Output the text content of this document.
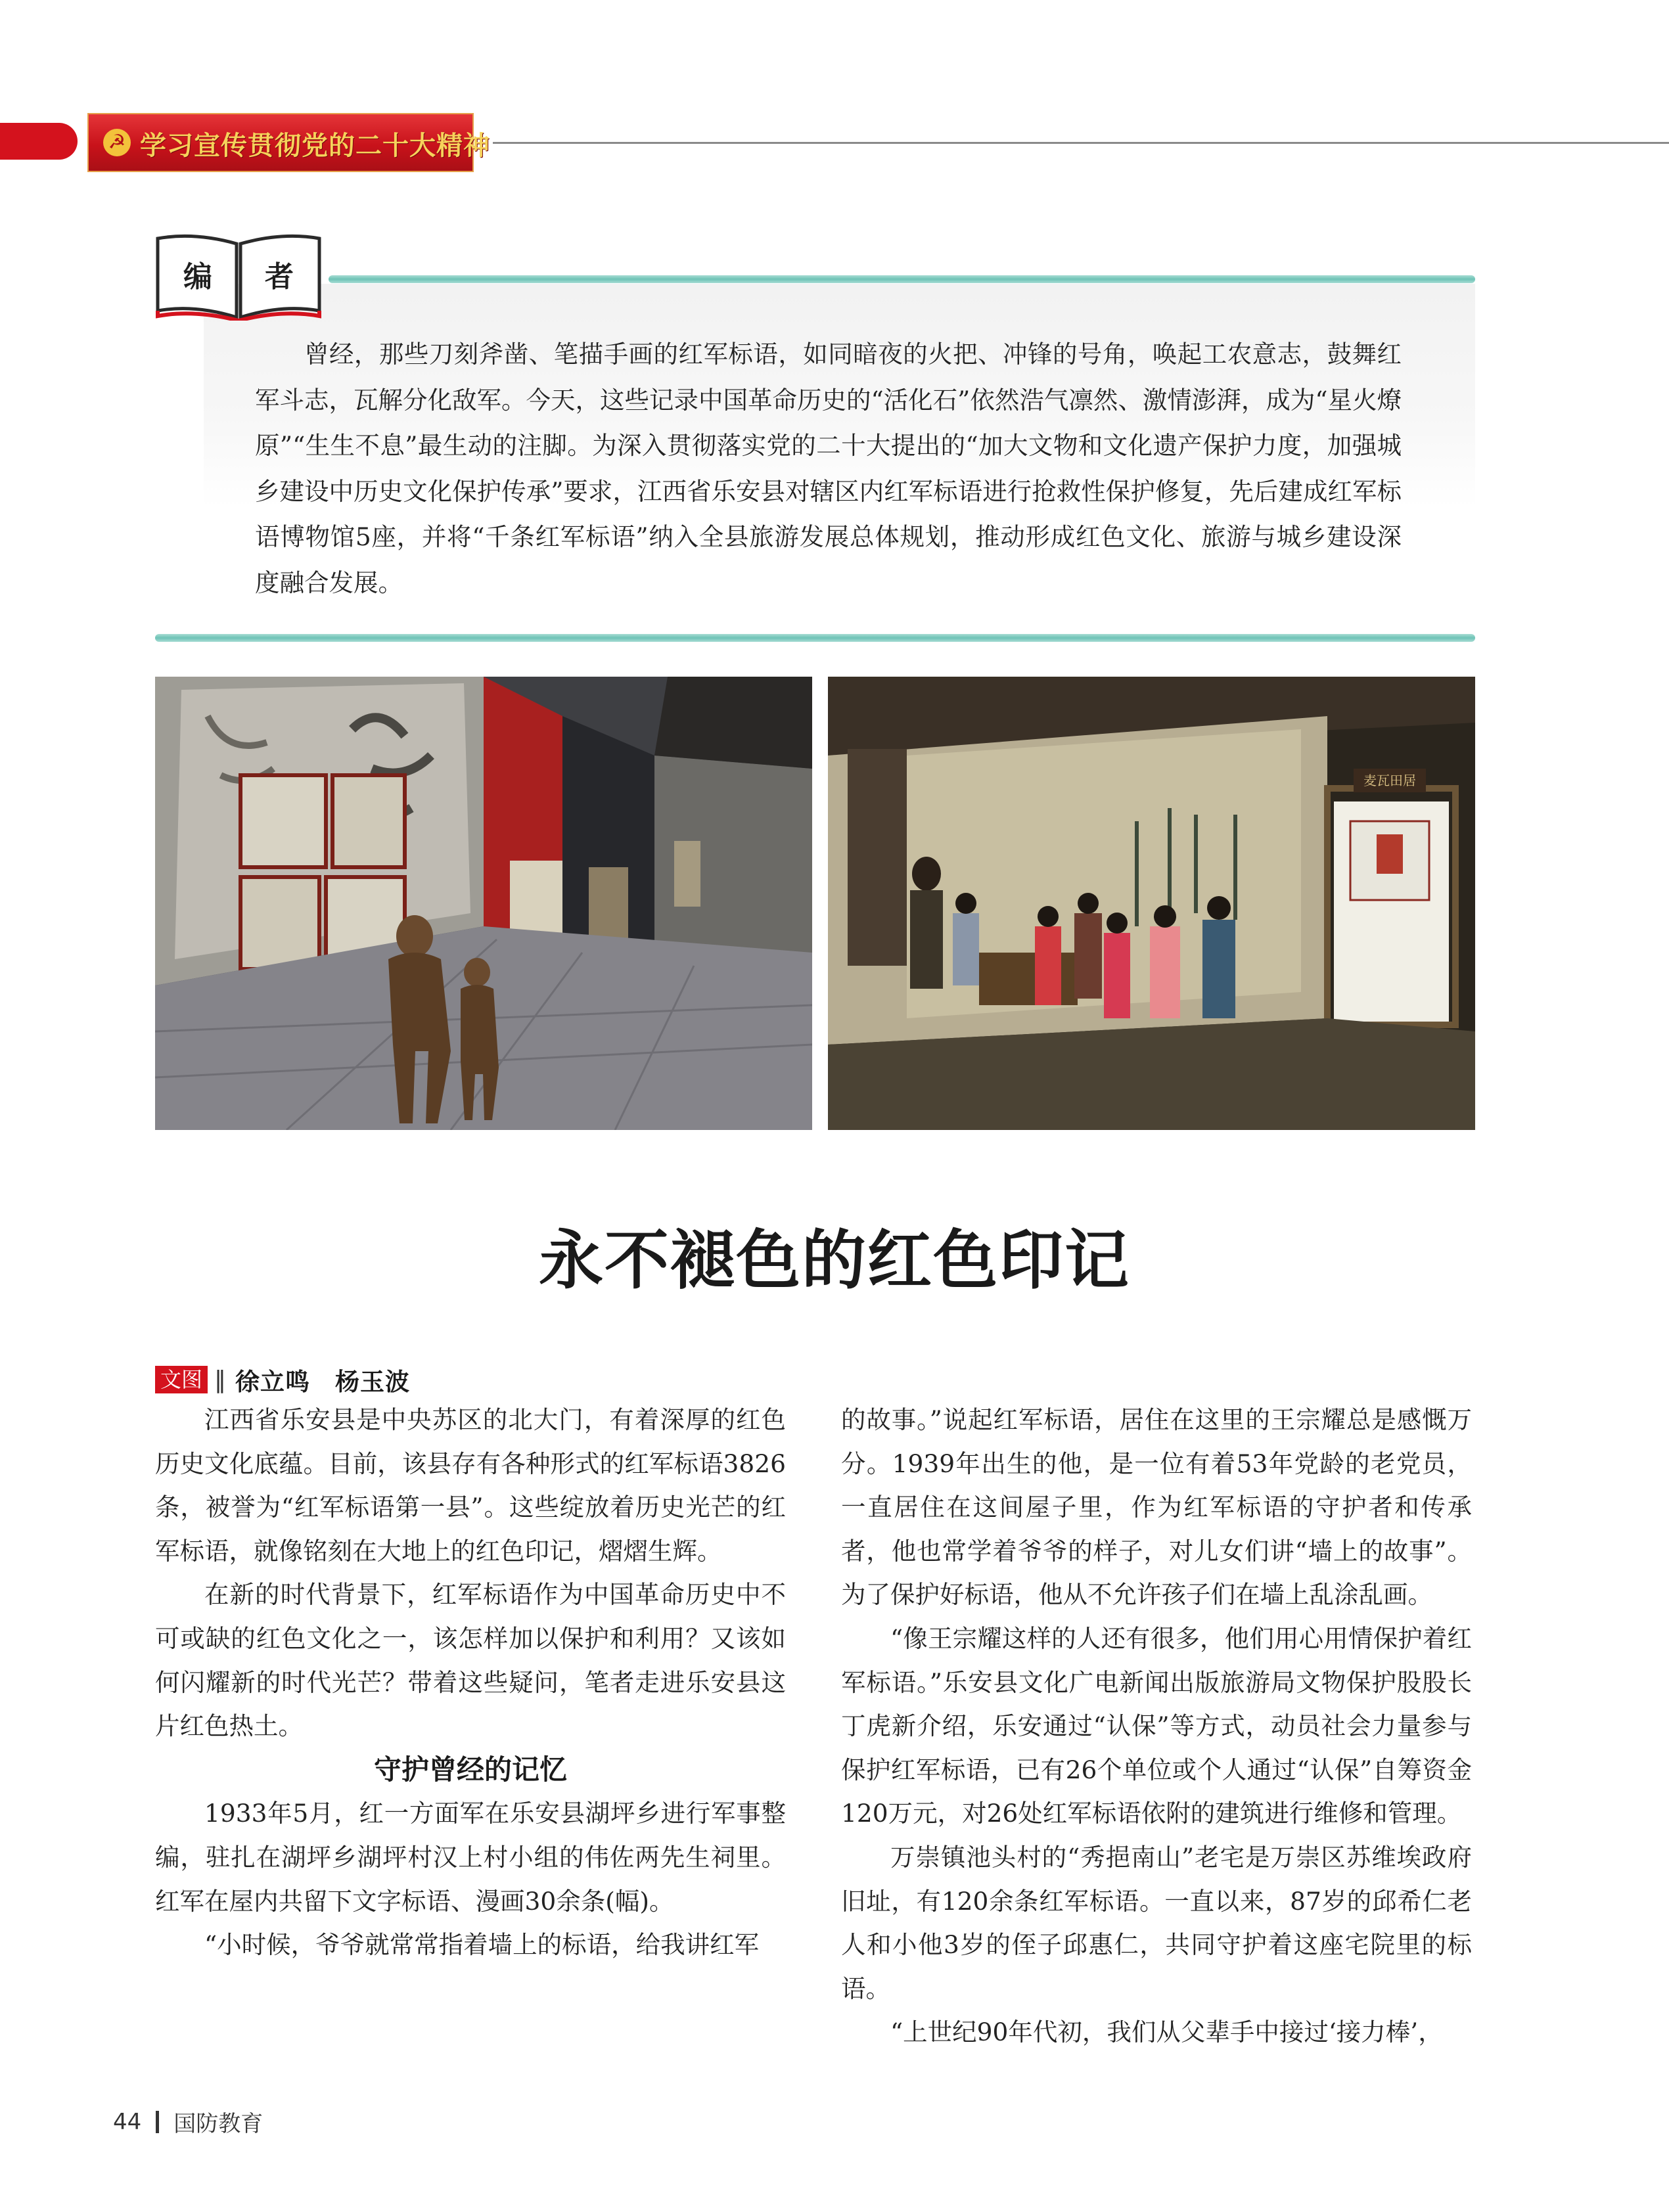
☭ 学习宣传贯彻党的二十大精神
编	者
曾经，那些刀刻斧凿、笔描手画的红军标语，如同暗夜的火把、冲锋的号角，唤起工农意志，鼓舞红军斗志，瓦解分化敌军。今天，这些记录中国革命历史的“活化石”依然浩气凛然、激情澎湃，成为“星火燎原”“生生不息”最生动的注脚。为深入贯彻落实党的二十大提出的“加大文物和文化遗产保护力度，加强城乡建设中历史文化保护传承”要求，江西省乐安县对辖区内红军标语进行抢救性保护修复，先后建成红军标语博物馆5座，并将“千条红军标语”纳入全县旅游发展总体规划，推动形成红色文化、旅游与城乡建设深度融合发展。
麦瓦田居
永不褪色的红色印记
文图 ‖ 徐立鸣　杨玉波

江西省乐安县是中央苏区的北大门，有着深厚的红色历史文化底蕴。目前，该县存有各种形式的红军标语3826条，被誉为“红军标语第一县”。这些绽放着历史光芒的红军标语，就像铭刻在大地上的红色印记，熠熠生辉。

在新的时代背景下，红军标语作为中国革命历史中不可或缺的红色文化之一，该怎样加以保护和利用？又该如何闪耀新的时代光芒？带着这些疑问，笔者走进乐安县这片红色热土。

守护曾经的记忆

1933年5月，红一方面军在乐安县湖坪乡进行军事整编，驻扎在湖坪乡湖坪村汉上村小组的伟佐两先生祠里。红军在屋内共留下文字标语、漫画30余条(幅)。

“小时候，爷爷就常常指着墙上的标语，给我讲红军

的故事。”说起红军标语，居住在这里的王宗耀总是感慨万分。1939年出生的他，是一位有着53年党龄的老党员，一直居住在这间屋子里，作为红军标语的守护者和传承者，他也常学着爷爷的样子，对儿女们讲“墙上的故事”。为了保护好标语，他从不允许孩子们在墙上乱涂乱画。

“像王宗耀这样的人还有很多，他们用心用情保护着红军标语。”乐安县文化广电新闻出版旅游局文物保护股股长丁虎新介绍，乐安通过“认保”等方式，动员社会力量参与保护红军标语，已有26个单位或个人通过“认保”自筹资金120万元，对26处红军标语依附的建筑进行维修和管理。

万崇镇池头村的“秀挹南山”老宅是万崇区苏维埃政府旧址，有120余条红军标语。一直以来，87岁的邱希仁老人和小他3岁的侄子邱惠仁，共同守护着这座宅院里的标语。

“上世纪90年代初，我们从父辈手中接过‘接力棒’，

44 国防教育
